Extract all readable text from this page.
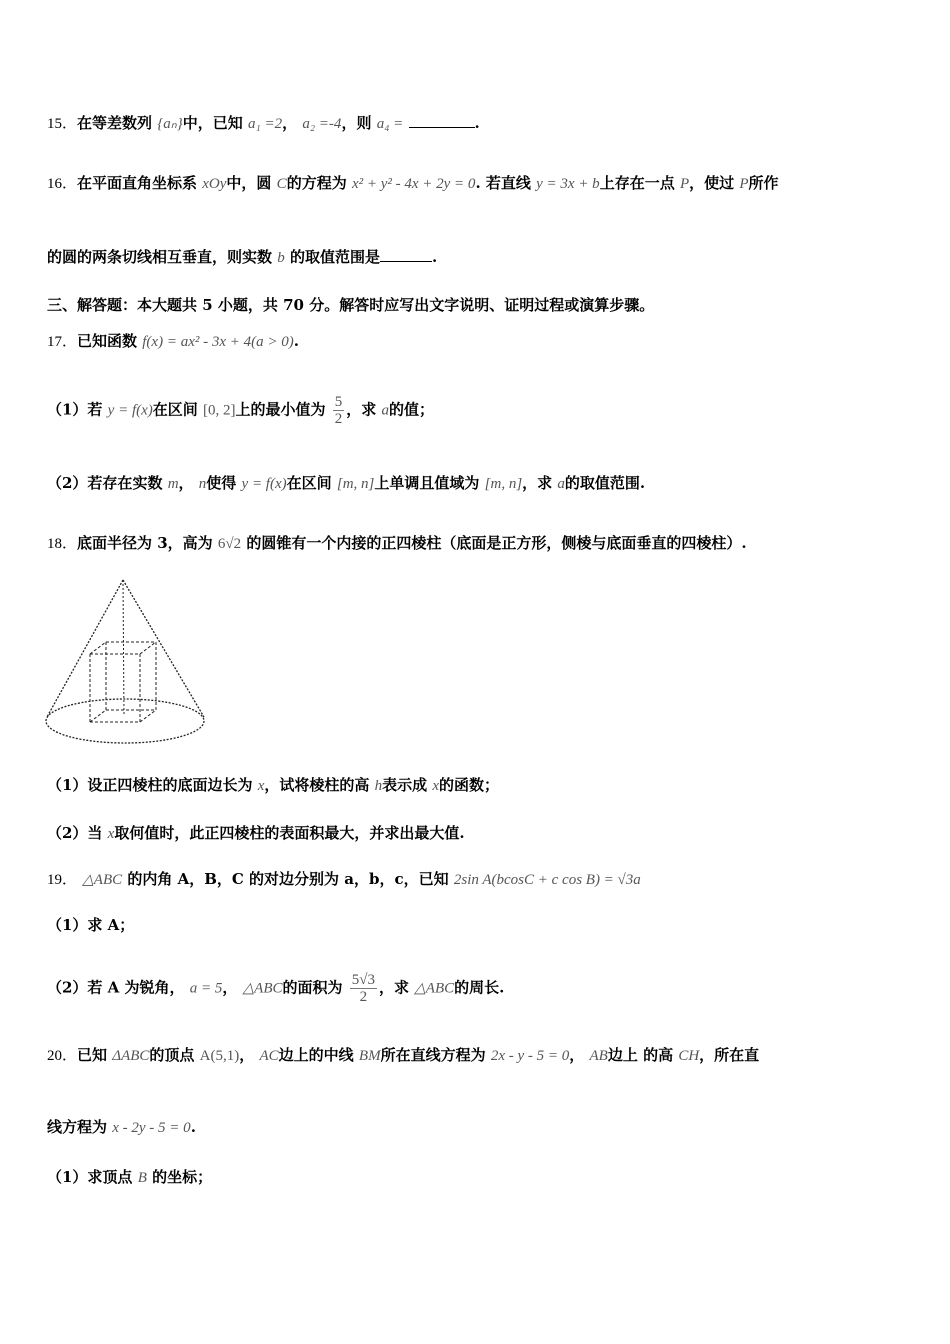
15．在等差数列 {aₙ}中，已知 a₁ =2， a₂ =-4，则 a₄ =	.
16．在平面直角坐标系 xOy中，圆 C的方程为 x² + y² - 4x + 2y = 0. 若直线 y = 3x + b上存在一点 P，使过 P所作
的圆的两条切线相互垂直，则实数 b 的取值范围是	.
三、解答题：本大题共 5 小题，共 70 分。解答时应写出文字说明、证明过程或演算步骤。
17．已知函数 f(x) = ax² - 3x + 4(a > 0).
（1）若 y = f(x)在区间 [0, 2]上的最小值为 $\frac{5}{2}$ ，求 a的值；
（2）若存在实数 m， n使得 y = f(x)在区间 [m, n]上单调且值域为 [m, n]，求 a的取值范围.
18．底面半径为 3，高为 6√2 的圆锥有一个内接的正四棱柱（底面是正方形，侧棱与底面垂直的四棱柱）.
（1）设正四棱柱的底面边长为 x，试将棱柱的高 h表示成 x的函数；
（2）当 x取何值时，此正四棱柱的表面积最大，并求出最大值.
19． △ABC 的内角 A，B，C 的对边分别为 a，b，c，已知 2sin A(bcosC + c cos B) = √3a
（1）求 A；
（2）若 A 为锐角， a = 5， △ABC的面积为 $\frac{5√3}{2}$ ，求 △ABC的周长.
20．已知 ΔABC的顶点 A(5,1)， AC边上的中线 BM所在直线方程为 2x - y - 5 = 0， AB边上 的高 CH，所在直
线方程为 x - 2y - 5 = 0.
（1）求顶点 B 的坐标；
